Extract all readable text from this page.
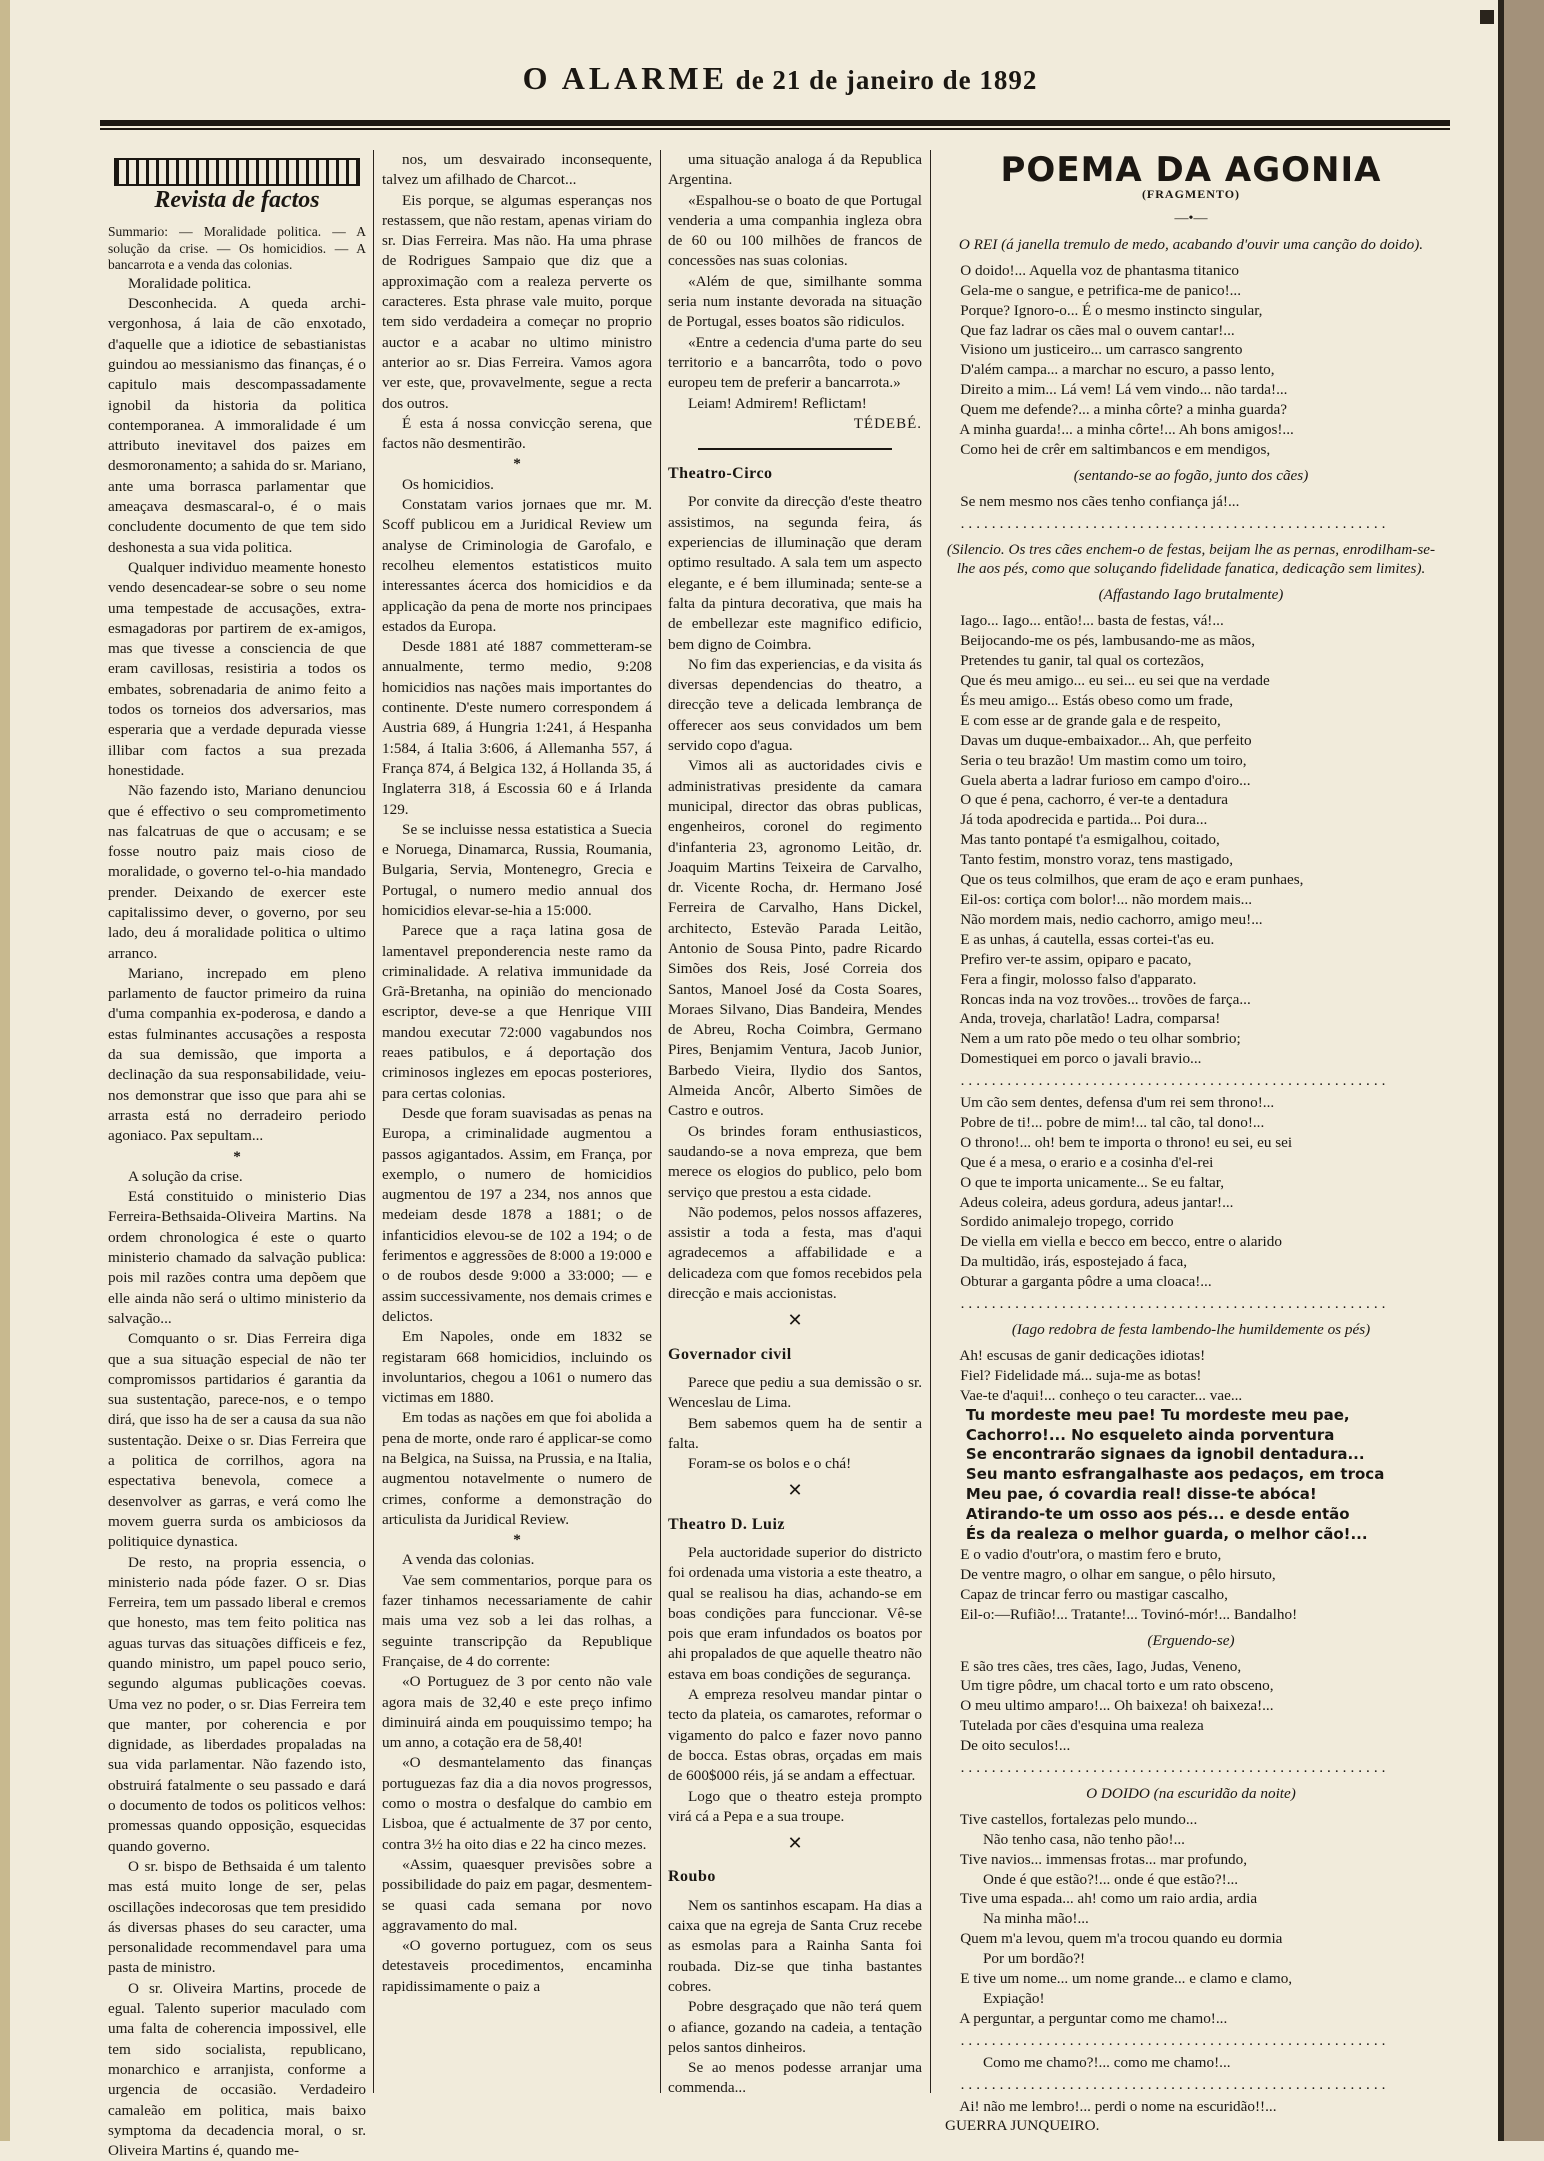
O ALARME de 21 de janeiro de 1892
Revista de factos

Summario: — Moralidade politica. — A solução da crise. — Os homicidios. — A bancarrota e a venda das colonias.

Moralidade politica.

Desconhecida. A queda archi-vergonhosa, á laia de cão enxotado, d'aquelle que a idiotice de sebastianistas guindou ao messianismo das finanças, é o capitulo mais descompassadamente ignobil da historia da politica contemporanea. A immoralidade é um attributo inevitavel dos paizes em desmoronamento; a sahida do sr. Mariano, ante uma borrasca parlamentar que ameaçava desmascaral-o, é o mais concludente documento de que tem sido deshonesta a sua vida politica.

Qualquer individuo meamente honesto vendo desencadear-se sobre o seu nome uma tempestade de accusações, extra-esmagadoras por partirem de ex-amigos, mas que tivesse a consciencia de que eram cavillosas, resistiria a todos os embates, sobrenadaria de animo feito a todos os torneios dos adversarios, mas esperaria que a verdade depurada viesse illibar com factos a sua prezada honestidade.

Não fazendo isto, Mariano denunciou que é effectivo o seu comprometimento nas falcatruas de que o accusam; e se fosse noutro paiz mais cioso de moralidade, o governo tel-o-hia mandado prender. Deixando de exercer este capitalissimo dever, o governo, por seu lado, deu á moralidade politica o ultimo arranco.

Mariano, increpado em pleno parlamento de fauctor primeiro da ruina d'uma companhia ex-poderosa, e dando a estas fulminantes accusações a resposta da sua demissão, que importa a declinação da sua responsabilidade, veiu-nos demonstrar que isso que para ahi se arrasta está no derradeiro periodo agoniaco. Pax sepultam...

*

A solução da crise.

Está constituido o ministerio Dias Ferreira-Bethsaida-Oliveira Martins. Na ordem chronologica é este o quarto ministerio chamado da salvação publica: pois mil razões contra uma depõem que elle ainda não será o ultimo ministerio da salvação...

Comquanto o sr. Dias Ferreira diga que a sua situação especial de não ter compromissos partidarios é garantia da sua sustentação, parece-nos, e o tempo dirá, que isso ha de ser a causa da sua não sustentação. Deixe o sr. Dias Ferreira que a politica de corrilhos, agora na espectativa benevola, comece a desenvolver as garras, e verá como lhe movem guerra surda os ambiciosos da politiquice dynastica.

De resto, na propria essencia, o ministerio nada póde fazer. O sr. Dias Ferreira, tem um passado liberal e cremos que honesto, mas tem feito politica nas aguas turvas das situações difficeis e fez, quando ministro, um papel pouco serio, segundo algumas publicações coevas. Uma vez no poder, o sr. Dias Ferreira tem que manter, por coherencia e por dignidade, as liberdades propaladas na sua vida parlamentar. Não fazendo isto, obstruirá fatalmente o seu passado e dará o documento de todos os politicos velhos: promessas quando opposição, esquecidas quando governo.

O sr. bispo de Bethsaida é um talento mas está muito longe de ser, pelas oscillações indecorosas que tem presidido ás diversas phases do seu caracter, uma personalidade recommendavel para uma pasta de ministro.

O sr. Oliveira Martins, procede de egual. Talento superior maculado com uma falta de coherencia impossivel, elle tem sido socialista, republicano, monarchico e arranjista, conforme a urgencia de occasião. Verdadeiro camaleão em politica, mais baixo symptoma da decadencia moral, o sr. Oliveira Martins é, quando me-

nos, um desvairado inconsequente, talvez um afilhado de Charcot...

Eis porque, se algumas esperanças nos restassem, que não restam, apenas viriam do sr. Dias Ferreira. Mas não. Ha uma phrase de Rodrigues Sampaio que diz que a approximação com a realeza perverte os caracteres. Esta phrase vale muito, porque tem sido verdadeira a começar no proprio auctor e a acabar no ultimo ministro anterior ao sr. Dias Ferreira. Vamos agora ver este, que, provavelmente, segue a recta dos outros.

É esta á nossa convicção serena, que factos não desmentirão.

*

Os homicidios.

Constatam varios jornaes que mr. M. Scoff publicou em a Juridical Review um analyse de Criminologia de Garofalo, e recolheu elementos estatisticos muito interessantes ácerca dos homicidios e da applicação da pena de morte nos principaes estados da Europa.

Desde 1881 até 1887 commetteram-se annualmente, termo medio, 9:208 homicidios nas nações mais importantes do continente. D'este numero correspondem á Austria 689, á Hungria 1:241, á Hespanha 1:584, á Italia 3:606, á Allemanha 557, á França 874, á Belgica 132, á Hollanda 35, á Inglaterra 318, á Escossia 60 e á Irlanda 129.

Se se incluisse nessa estatistica a Suecia e Noruega, Dinamarca, Russia, Roumania, Bulgaria, Servia, Montenegro, Grecia e Portugal, o numero medio annual dos homicidios elevar-se-hia a 15:000.

Parece que a raça latina gosa de lamentavel preponderencia neste ramo da criminalidade. A relativa immunidade da Grã-Bretanha, na opinião do mencionado escriptor, deve-se a que Henrique VIII mandou executar 72:000 vagabundos nos reaes patibulos, e á deportação dos criminosos inglezes em epocas posteriores, para certas colonias.

Desde que foram suavisadas as penas na Europa, a criminalidade augmentou a passos agigantados. Assim, em França, por exemplo, o numero de homicidios augmentou de 197 a 234, nos annos que medeiam desde 1878 a 1881; o de infanticidios elevou-se de 102 a 194; o de ferimentos e aggressões de 8:000 a 19:000 e o de roubos desde 9:000 a 33:000; — e assim successivamente, nos demais crimes e delictos.

Em Napoles, onde em 1832 se registaram 668 homicidios, incluindo os involuntarios, chegou a 1061 o numero das victimas em 1880.

Em todas as nações em que foi abolida a pena de morte, onde raro é applicar-se como na Belgica, na Suissa, na Prussia, e na Italia, augmentou notavelmente o numero de crimes, conforme a demonstração do articulista da Juridical Review.

*

A venda das colonias.

Vae sem commentarios, porque para os fazer tinhamos necessariamente de cahir mais uma vez sob a lei das rolhas, a seguinte transcripção da Republique Française, de 4 do corrente:

«O Portuguez de 3 por cento não vale agora mais de 32,40 e este preço infimo diminuirá ainda em pouquissimo tempo; ha um anno, a cotação era de 58,40!

«O desmantelamento das finanças portuguezas faz dia a dia novos progressos, como o mostra o desfalque do cambio em Lisboa, que é actualmente de 37 por cento, contra 3½ ha oito dias e 22 ha cinco mezes.

«Assim, quaesquer previsões sobre a possibilidade do paiz em pagar, desmentem-se quasi cada semana por novo aggravamento do mal.

«O governo portuguez, com os seus detestaveis procedimentos, encaminha rapidissimamente o paiz a

uma situação analoga á da Republica Argentina.

«Espalhou-se o boato de que Portugal venderia a uma companhia ingleza obra de 60 ou 100 milhões de francos de concessões nas suas colonias.

«Além de que, similhante somma seria num instante devorada na situação de Portugal, esses boatos são ridiculos.

«Entre a cedencia d'uma parte do seu territorio e a bancarrôta, todo o povo europeu tem de preferir a bancarrota.»

Leiam! Admirem! Reflictam!

TÉDEBÉ.

Theatro-Circo

Por convite da direcção d'este theatro assistimos, na segunda feira, ás experiencias de illuminação que deram optimo resultado. A sala tem um aspecto elegante, e é bem illuminada; sente-se a falta da pintura decorativa, que mais ha de embellezar este magnifico edificio, bem digno de Coimbra.

No fim das experiencias, e da visita ás diversas dependencias do theatro, a direcção teve a delicada lembrança de offerecer aos seus convidados um bem servido copo d'agua.

Vimos ali as auctoridades civis e administrativas presidente da camara municipal, director das obras publicas, engenheiros, coronel do regimento d'infanteria 23, agronomo Leitão, dr. Joaquim Martins Teixeira de Carvalho, dr. Vicente Rocha, dr. Hermano José Ferreira de Carvalho, Hans Dickel, architecto, Estevão Parada Leitão, Antonio de Sousa Pinto, padre Ricardo Simões dos Reis, José Correia dos Santos, Manoel José da Costa Soares, Moraes Silvano, Dias Bandeira, Mendes de Abreu, Rocha Coimbra, Germano Pires, Benjamim Ventura, Jacob Junior, Barbedo Vieira, Ilydio dos Santos, Almeida Ancôr, Alberto Simões de Castro e outros.

Os brindes foram enthusiasticos, saudando-se a nova empreza, que bem merece os elogios do publico, pelo bom serviço que prestou a esta cidade.

Não podemos, pelos nossos affazeres, assistir a toda a festa, mas d'aqui agradecemos a affabilidade e a delicadeza com que fomos recebidos pela direcção e mais accionistas.

✕
Governador civil

Parece que pediu a sua demissão o sr. Wenceslau de Lima.

Bem sabemos quem ha de sentir a falta.

Foram-se os bolos e o chá!

✕
Theatro D. Luiz

Pela auctoridade superior do districto foi ordenada uma vistoria a este theatro, a qual se realisou ha dias, achando-se em boas condições para funccionar. Vê-se pois que eram infundados os boatos por ahi propalados de que aquelle theatro não estava em boas condições de segurança.

A empreza resolveu mandar pintar o tecto da plateia, os camarotes, reformar o vigamento do palco e fazer novo panno de bocca. Estas obras, orçadas em mais de 600$000 réis, já se andam a effectuar.

Logo que o theatro esteja prompto virá cá a Pepa e a sua troupe.

✕
Roubo

Nem os santinhos escapam. Ha dias a caixa que na egreja de Santa Cruz recebe as esmolas para a Rainha Santa foi roubada. Diz-se que tinha bastantes cobres.

Pobre desgraçado que não terá quem o afiance, gozando na cadeia, a tentação pelos santos dinheiros.

Se ao menos podesse arranjar uma commenda...

POEMA DA AGONIA
(FRAGMENTO)
—•—
O REI (á janella tremulo de medo, acabando d'ouvir uma canção do doido).
O doido!... Aquella voz de phantasma titanico
Gela-me o sangue, e petrifica-me de panico!...
Porque? Ignoro-o... É o mesmo instincto singular,
Que faz ladrar os cães mal o ouvem cantar!...
Visiono um justiceiro... um carrasco sangrento
D'além campa... a marchar no escuro, a passo lento,
Direito a mim... Lá vem! Lá vem vindo... não tarda!...
Quem me defende?... a minha côrte? a minha guarda?
A minha guarda!... a minha côrte!... Ah bons amigos!...
Como hei de crêr em saltimbancos e em mendigos,
(sentando-se ao fogão, junto dos cães)
Se nem mesmo nos cães tenho confiança já!...
.......................................................
(Silencio. Os tres cães enchem-o de festas, beijam lhe as pernas, enrodilham-se-lhe aos pés, como que soluçando fidelidade fanatica, dedicação sem limites).
(Affastando Iago brutalmente)
Iago... Iago... então!... basta de festas, vá!...
Beijocando-me os pés, lambusando-me as mãos,
Pretendes tu ganir, tal qual os cortezãos,
Que és meu amigo... eu sei... eu sei que na verdade
És meu amigo... Estás obeso como um frade,
E com esse ar de grande gala e de respeito,
Davas um duque-embaixador... Ah, que perfeito
Seria o teu brazão! Um mastim como um toiro,
Guela aberta a ladrar furioso em campo d'oiro...
O que é pena, cachorro, é ver-te a dentadura
Já toda apodrecida e partida... Poi dura...
Mas tanto pontapé t'a esmigalhou, coitado,
Tanto festim, monstro voraz, tens mastigado,
Que os teus colmilhos, que eram de aço e eram punhaes,
Eil-os: cortiça com bolor!... não mordem mais...
Não mordem mais, nedio cachorro, amigo meu!...
E as unhas, á cautella, essas cortei-t'as eu.
Prefiro ver-te assim, opiparo e pacato,
Fera a fingir, molosso falso d'apparato.
Roncas inda na voz trovões... trovões de farça...
Anda, troveja, charlatão! Ladra, comparsa!
Nem a um rato põe medo o teu olhar sombrio;
Domestiquei em porco o javali bravio...
.......................................................
Um cão sem dentes, defensa d'um rei sem throno!...
Pobre de ti!... pobre de mim!... tal cão, tal dono!...
O throno!... oh! bem te importa o throno! eu sei, eu sei
Que é a mesa, o erario e a cosinha d'el-rei
O que te importa unicamente... Se eu faltar,
Adeus coleira, adeus gordura, adeus jantar!...
Sordido animalejo tropego, corrido
De viella em viella e becco em becco, entre o alarido
Da multidão, irás, espostejado á faca,
Obturar a garganta pôdre a uma cloaca!...
.......................................................
(Iago redobra de festa lambendo-lhe humildemente os pés)
Ah! escusas de ganir dedicações idiotas!
Fiel? Fidelidade má... suja-me as botas!
Vae-te d'aqui!... conheço o teu caracter... vae...
Tu mordeste meu pae! Tu mordeste meu pae,
Cachorro!... No esqueleto ainda porventura
Se encontrarão signaes da ignobil dentadura...
Seu manto esfrangalhaste aos pedaços, em troca
Meu pae, ó covardia real! disse-te abóca!
Atirando-te um osso aos pés... e desde então
És da realeza o melhor guarda, o melhor cão!...
E o vadio d'outr'ora, o mastim fero e bruto,
De ventre magro, o olhar em sangue, o pêlo hirsuto,
Capaz de trincar ferro ou mastigar cascalho,
Eil-o:—Rufião!... Tratante!... Tovinó-mór!... Bandalho!
(Erguendo-se)
E são tres cães, tres cães, Iago, Judas, Veneno,
Um tigre pôdre, um chacal torto e um rato obsceno,
O meu ultimo amparo!... Oh baixeza! oh baixeza!...
Tutelada por cães d'esquina uma realeza
De oito seculos!...
.......................................................
O DOIDO (na escuridão da noite)
Tive castellos, fortalezas pelo mundo...
Não tenho casa, não tenho pão!...
Tive navios... immensas frotas... mar profundo,
Onde é que estão?!... onde é que estão?!...
Tive uma espada... ah! como um raio ardia, ardia
Na minha mão!...
Quem m'a levou, quem m'a trocou quando eu dormia
Por um bordão?!
E tive um nome... um nome grande... e clamo e clamo,
Expiação!
A perguntar, a perguntar como me chamo!...
.......................................................
Como me chamo?!... como me chamo!...
.......................................................
Ai! não me lembro!... perdi o nome na escuridão!!...
GUERRA JUNQUEIRO.
